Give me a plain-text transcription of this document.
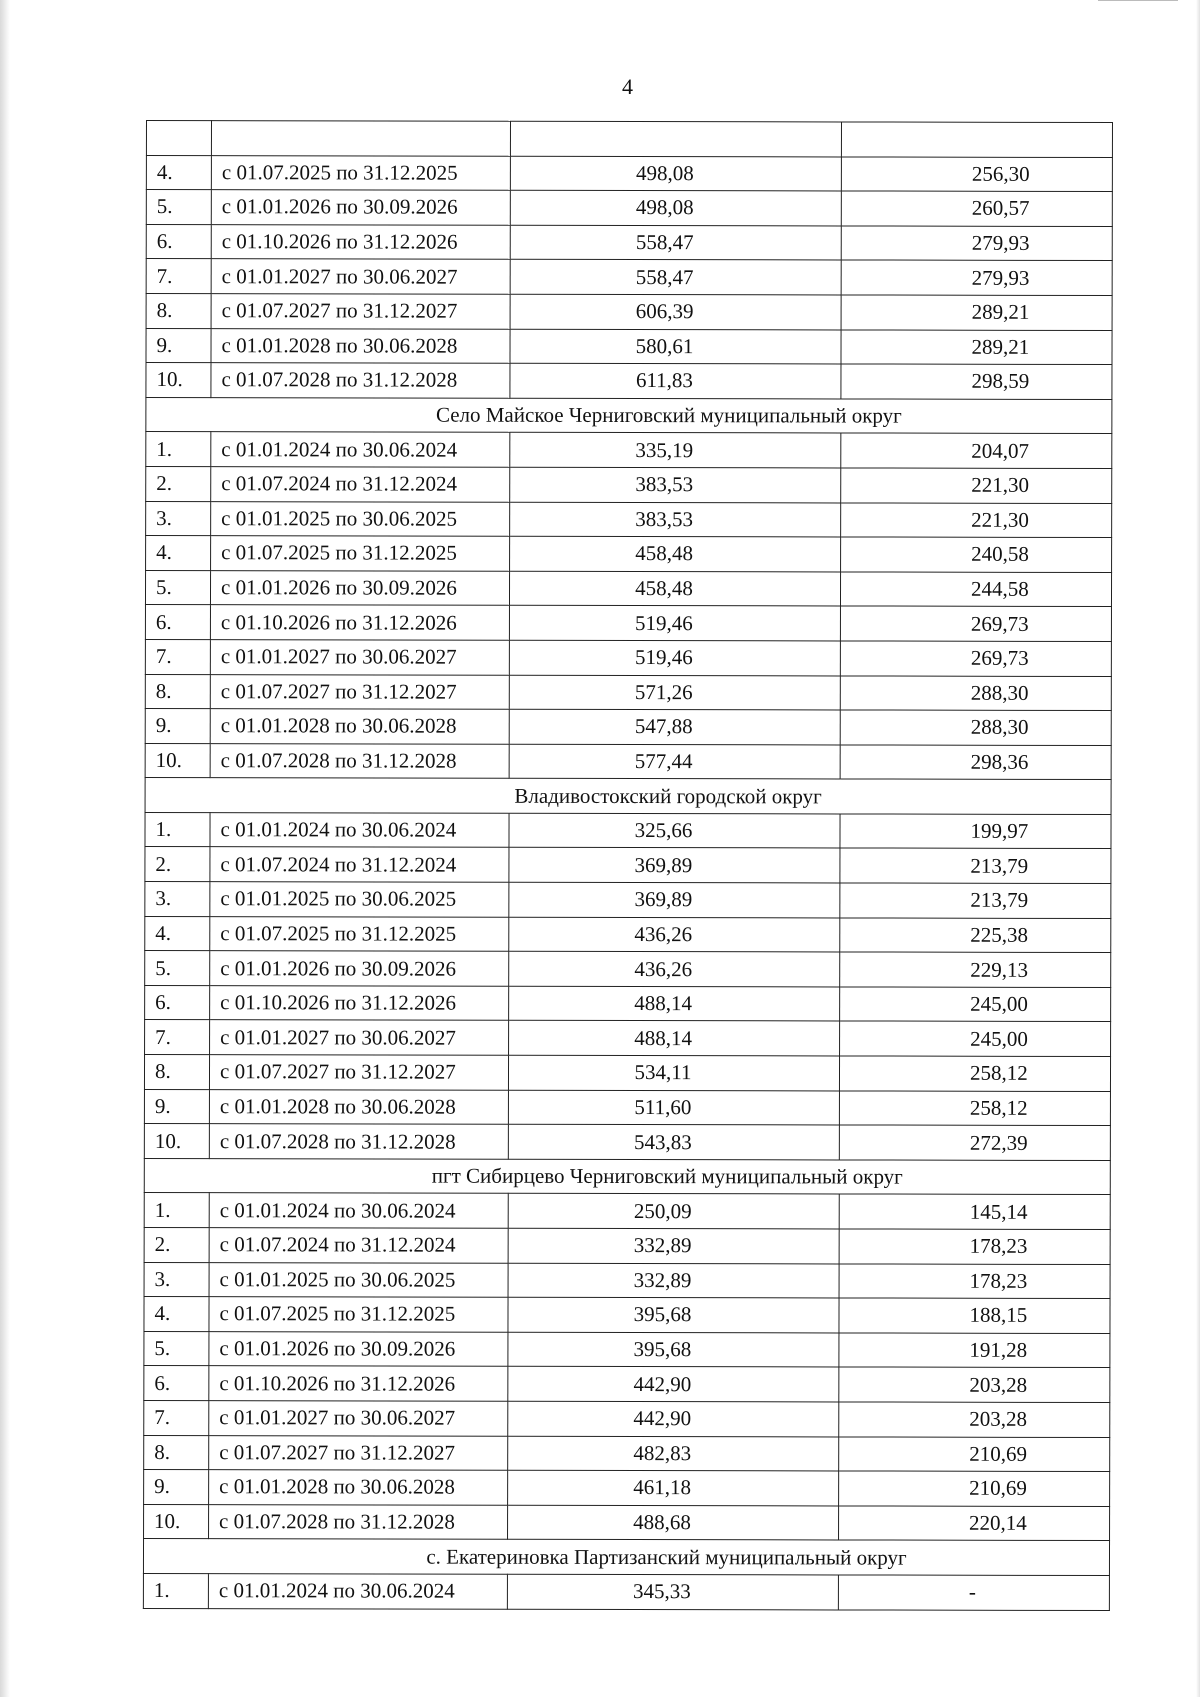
4

4.	с 01.07.2025 по 31.12.2025	498,08	256,30
5.	с 01.01.2026 по 30.09.2026	498,08	260,57
6.	с 01.10.2026 по 31.12.2026	558,47	279,93
7.	с 01.01.2027 по 30.06.2027	558,47	279,93
8.	с 01.07.2027 по 31.12.2027	606,39	289,21
9.	с 01.01.2028 по 30.06.2028	580,61	289,21
10.	с 01.07.2028 по 31.12.2028	611,83	298,59
Село Майское Черниговский муниципальный округ			
1.	с 01.01.2024 по 30.06.2024	335,19	204,07
2.	с 01.07.2024 по 31.12.2024	383,53	221,30
3.	с 01.01.2025 по 30.06.2025	383,53	221,30
4.	с 01.07.2025 по 31.12.2025	458,48	240,58
5.	с 01.01.2026 по 30.09.2026	458,48	244,58
6.	с 01.10.2026 по 31.12.2026	519,46	269,73
7.	с 01.01.2027 по 30.06.2027	519,46	269,73
8.	с 01.07.2027 по 31.12.2027	571,26	288,30
9.	с 01.01.2028 по 30.06.2028	547,88	288,30
10.	с 01.07.2028 по 31.12.2028	577,44	298,36
Владивостокский городской округ			
1.	с 01.01.2024 по 30.06.2024	325,66	199,97
2.	с 01.07.2024 по 31.12.2024	369,89	213,79
3.	с 01.01.2025 по 30.06.2025	369,89	213,79
4.	с 01.07.2025 по 31.12.2025	436,26	225,38
5.	с 01.01.2026 по 30.09.2026	436,26	229,13
6.	с 01.10.2026 по 31.12.2026	488,14	245,00
7.	с 01.01.2027 по 30.06.2027	488,14	245,00
8.	с 01.07.2027 по 31.12.2027	534,11	258,12
9.	с 01.01.2028 по 30.06.2028	511,60	258,12
10.	с 01.07.2028 по 31.12.2028	543,83	272,39
пгт Сибирцево Черниговский муниципальный округ			
1.	с 01.01.2024 по 30.06.2024	250,09	145,14
2.	с 01.07.2024 по 31.12.2024	332,89	178,23
3.	с 01.01.2025 по 30.06.2025	332,89	178,23
4.	с 01.07.2025 по 31.12.2025	395,68	188,15
5.	с 01.01.2026 по 30.09.2026	395,68	191,28
6.	с 01.10.2026 по 31.12.2026	442,90	203,28
7.	с 01.01.2027 по 30.06.2027	442,90	203,28
8.	с 01.07.2027 по 31.12.2027	482,83	210,69
9.	с 01.01.2028 по 30.06.2028	461,18	210,69
10.	с 01.07.2028 по 31.12.2028	488,68	220,14
с. Екатериновка Партизанский муниципальный округ			
1.	с 01.01.2024 по 30.06.2024	345,33	-
